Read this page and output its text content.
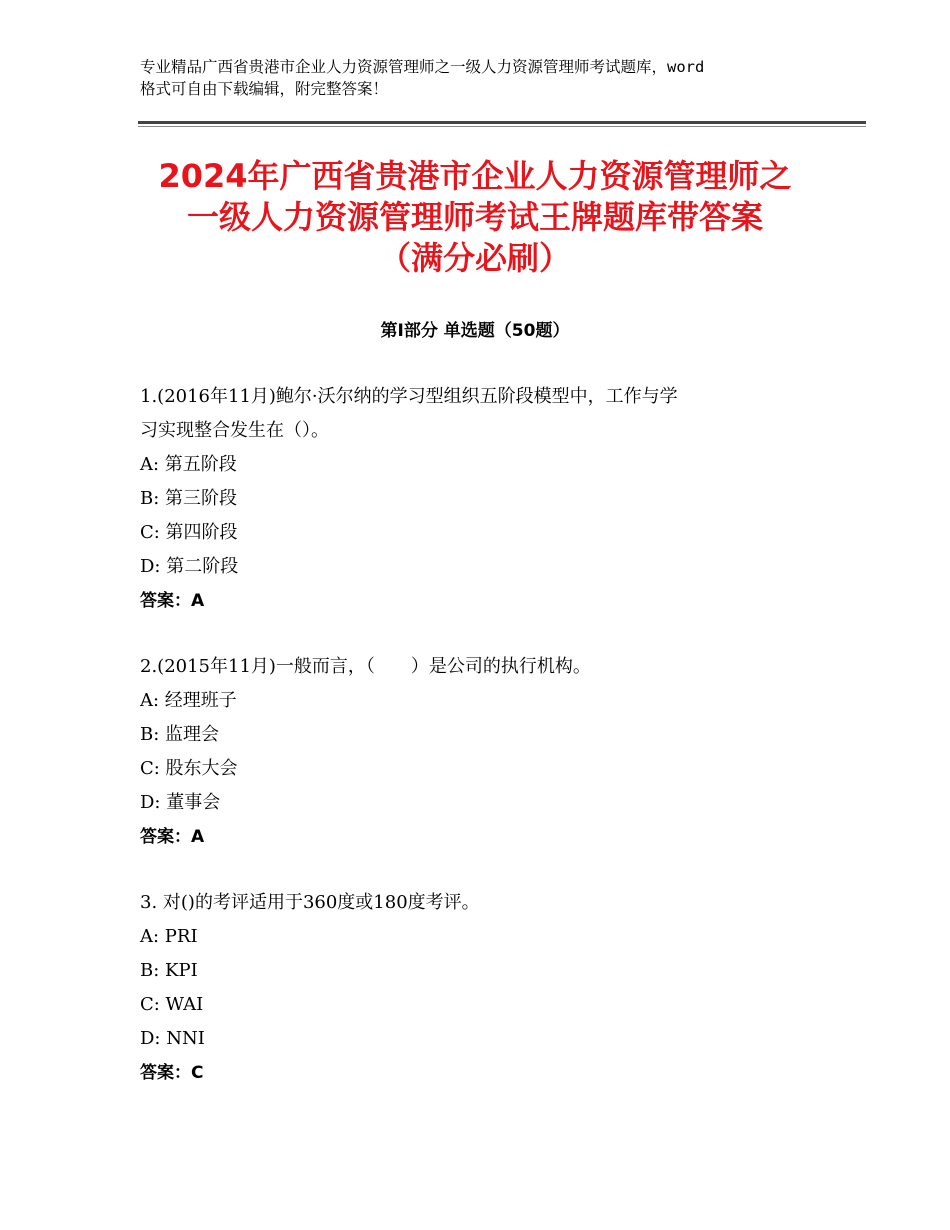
专业精品广西省贵港市企业人力资源管理师之一级人力资源管理师考试题库，word
格式可自由下载编辑，附完整答案！
2024年广西省贵港市企业人力资源管理师之
一级人力资源管理师考试王牌题库带答案
（满分必刷）
第Ⅰ部分 单选题（50题）
1.(2016年11月)鲍尔·沃尔纳的学习型组织五阶段模型中，工作与学
习实现整合发生在（）。
A: 第五阶段
B: 第三阶段
C: 第四阶段
D: 第二阶段
答案：A
2.(2015年11月)一般而言，（　　）是公司的执行机构。
A: 经理班子
B: 监理会
C: 股东大会
D: 董事会
答案：A
3. 对()的考评适用于360度或180度考评。
A: PRI
B: KPI
C: WAI
D: NNI
答案：C
